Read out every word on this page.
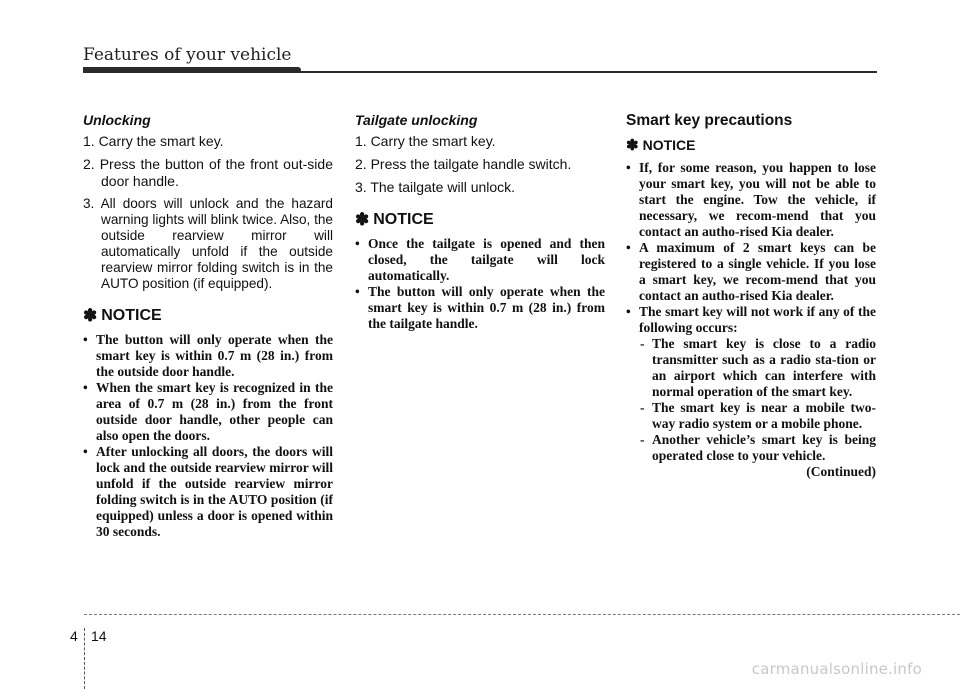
Features of your vehicle
Unlocking
1. Carry the smart key.
2. Press the button of the front out-side door handle.
3. All doors will unlock and the hazard warning lights will blink twice. Also, the outside rearview mirror will automatically unfold if the outside rearview mirror folding switch is in the AUTO position (if equipped).
✽ NOTICE
• The button will only operate when the smart key is within 0.7 m (28 in.) from the outside door handle.
• When the smart key is recognized in the area of 0.7 m (28 in.) from the front outside door handle, other people can also open the doors.
• After unlocking all doors, the doors will lock and the outside rearview mirror will unfold if the outside rearview mirror folding switch is in the AUTO position (if equipped) unless a door is opened within 30 seconds.
Tailgate unlocking
1. Carry the smart key.
2. Press the tailgate handle switch.
3. The tailgate will unlock.
✽ NOTICE
• Once the tailgate is opened and then closed, the tailgate will lock automatically.
• The button will only operate when the smart key is within 0.7 m (28 in.) from the tailgate handle.
Smart key precautions
✽ NOTICE
• If, for some reason, you happen to lose your smart key, you will not be able to start the engine. Tow the vehicle, if necessary, we recom-mend that you contact an autho-rised Kia dealer.
• A maximum of 2 smart keys can be registered to a single vehicle. If you lose a smart key, we recom-mend that you contact an autho-rised Kia dealer.
• The smart key will not work if any of the following occurs:
- The smart key is close to a radio transmitter such as a radio sta-tion or an airport which can interfere with normal operation of the smart key.
- The smart key is near a mobile two-way radio system or a mobile phone.
- Another vehicle’s smart key is being operated close to your vehicle.
(Continued)
4 14
carmanualsonline.info
